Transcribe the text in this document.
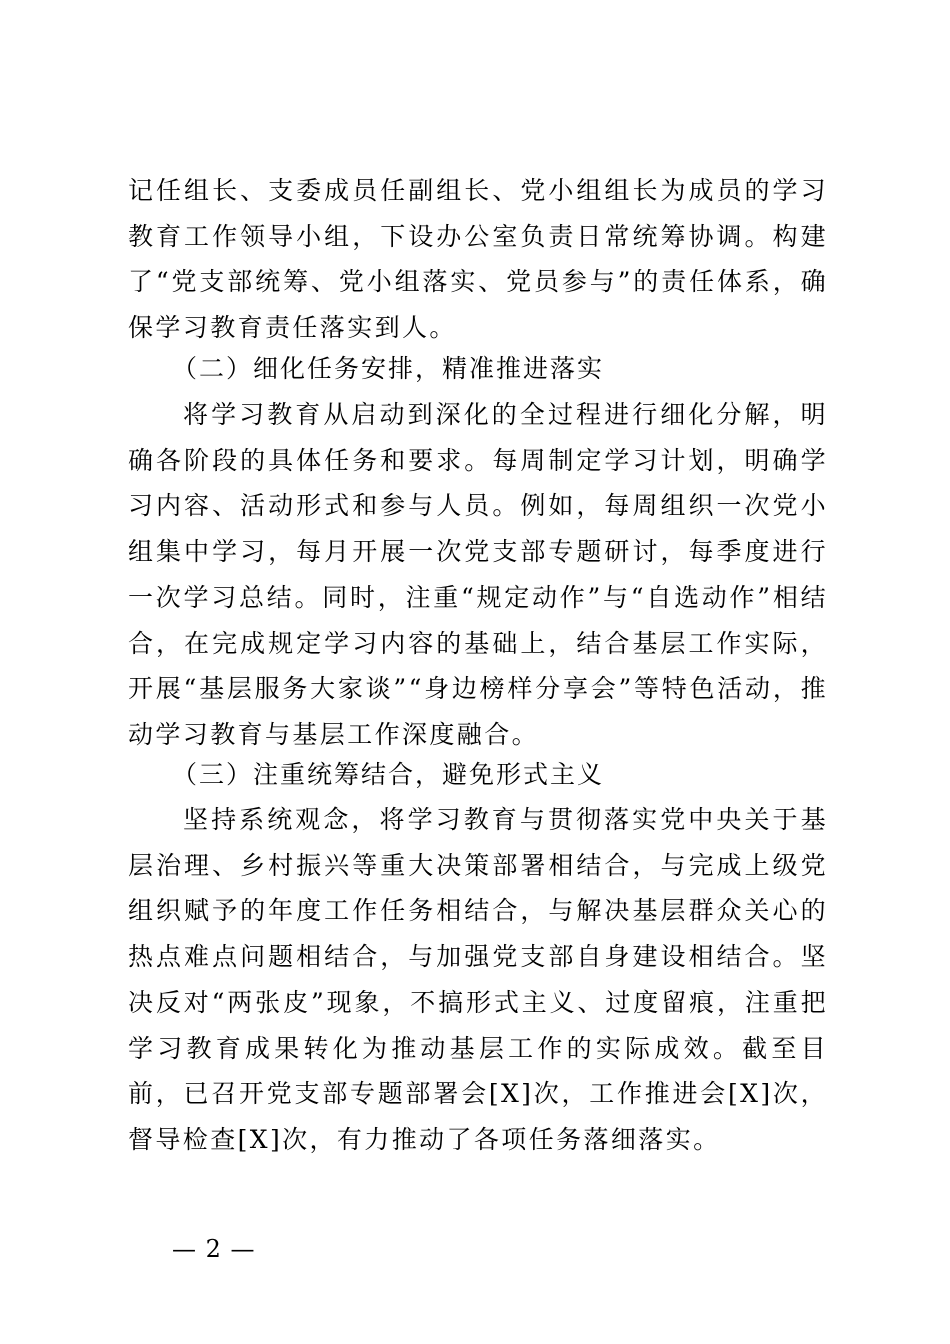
记任组长、支委成员任副组长、党小组组长为成员的学习教育工作领导小组，下设办公室负责日常统筹协调。构建了“党支部统筹、党小组落实、党员参与”的责任体系，确保学习教育责任落实到人。

（二）细化任务安排，精准推进落实

将学习教育从启动到深化的全过程进行细化分解，明确各阶段的具体任务和要求。每周制定学习计划，明确学习内容、活动形式和参与人员。例如，每周组织一次党小组集中学习，每月开展一次党支部专题研讨，每季度进行一次学习总结。同时，注重“规定动作”与“自选动作”相结合，在完成规定学习内容的基础上，结合基层工作实际，开展“基层服务大家谈”“身边榜样分享会”等特色活动，推动学习教育与基层工作深度融合。

（三）注重统筹结合，避免形式主义

坚持系统观念，将学习教育与贯彻落实党中央关于基层治理、乡村振兴等重大决策部署相结合，与完成上级党组织赋予的年度工作任务相结合，与解决基层群众关心的热点难点问题相结合，与加强党支部自身建设相结合。坚决反对“两张皮”现象，不搞形式主义、过度留痕，注重把学习教育成果转化为推动基层工作的实际成效。截至目前，已召开党支部专题部署会[X]次，工作推进会[X]次，督导检查[X]次，有力推动了各项任务落细落实。

— 2 —
